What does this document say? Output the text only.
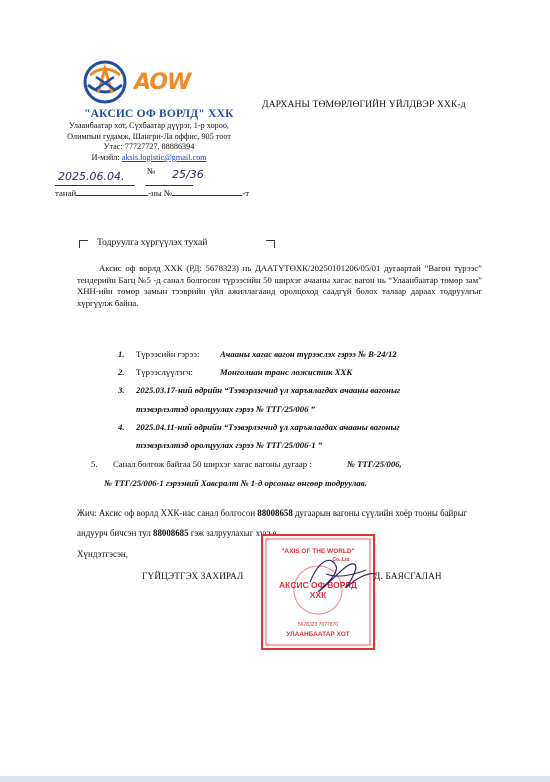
AOW
"АКСИС ОФ ВОРЛД" ХХК
Улаанбаатар хот, Сүхбаатар дүүрэг, 1-р хороо,
Олимпын гудамж, Шангри-Ла оффис, 905 тоот
Утас: 77727727, 88886394
И-мэйл: aksis.logistic@gmail.com
ДАРХАНЫ ТӨМӨРЛӨГИЙН ҮЙЛДВЭР ХХК-д
2025.06.04.	25/36

№

танай	-ны №	-т
Тодруулга хүргүүлэх тухай
Аксис оф ворлд ХХК (РД: 5678323) нь ДААТҮТӨХК/20250101206/05/01 дугаартай “Вагон түрээс” тендерийн Багц №5 -д санал болгосон түрээсийн 50 ширхэг ачааны хагас вагон нь “Улаанбаатар төмөр зам” ХНН-ийн төмөр замын тээврийн үйл ажиллагаанд оролцоход саадгүй болох талаар дараах тодруулгыг хүргүүлж байна.
1. Түрээсийн гэрээ: Ачааны хагас вагон түрээслэх гэрээ № В-24/12
2. Түрээслүүлэгч:	Монголиан транс ложистик ХХК
3. 2025.03.17-ний өдрийн “Тээвэрлэгчид үл харъялагдах ачааны вагоныг
тээвэрлэлтэд оролцуулах гэрээ № ТТГ/25/006 ”
4. 2025.04.11-ний өдрийн “Тээвэрлэгчид үл харъялагдах ачааны вагоныг
тээвэрлэлтэд оролцуулах гэрээ № ТТГ/25/006-1 ”
5. Санал болгож байгаа 50 ширхэг хагас вагоны дугаар :	№ ТТГ/25/006,
№ ТТГ/25/006-1 гэрээний Хавсралт № 1-д орсоныг өнгөөр тодруулав.
Жич: Аксис оф ворлд ХХК-иас санал болгосон 88008658 дугаарын вагоны сүүлийн хоёр тооны байрыг андуурч бичсэн тул 88008685 гэж залруулахыг хүсье.
Хүндэтгэсэн,	"AXIS OF THE WORLD"
Co.,Ltd
АКСИС ОФ ВОРЛД
ХХК
5678323 7077870
УЛААНБААТАР ХОТ
ГҮЙЦЭТГЭХ ЗАХИРАЛ	Д. БАЯСГАЛАН
